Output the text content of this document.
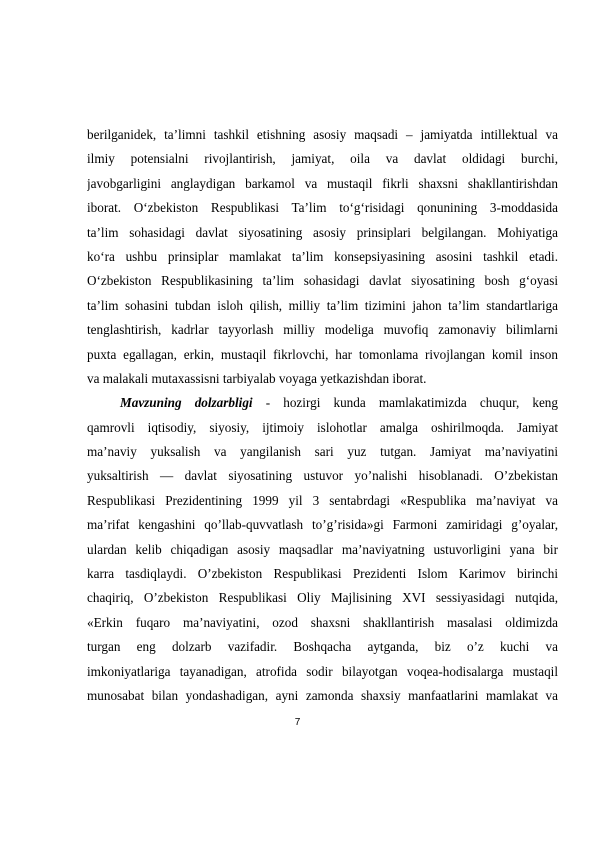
berilganidek, ta’limni tashkil etishning asosiy maqsadi – jamiyatda intillektual va
ilmiy potensialni rivojlantirish, jamiyat, oila va davlat oldidagi burchi,
javobgarligini anglaydigan barkamol va mustaqil fikrli shaxsni shakllantirishdan
iborat. O‘zbekiston Respublikasi Ta’lim to‘g‘risidagi qonunining 3-moddasida
ta’lim sohasidagi davlat siyosatining asosiy prinsiplari belgilangan. Mohiyatiga
ko‘ra ushbu prinsiplar mamlakat ta’lim konsepsiyasining asosini tashkil etadi.
O‘zbekiston Respublikasining ta’lim sohasidagi davlat siyosatining bosh g‘oyasi
ta’lim sohasini tubdan isloh qilish, milliy ta’lim tizimini jahon ta’lim standartlariga
tenglashtirish, kadrlar tayyorlash milliy modeliga muvofiq zamonaviy bilimlarni
puxta egallagan, erkin, mustaqil fikrlovchi, har tomonlama rivojlangan komil inson
va malakali mutaxassisni tarbiyalab voyaga yetkazishdan iborat.
Mavzuning dolzarbligi - hozirgi kunda mamlakatimizda chuqur, keng
qamrovli iqtisodiy, siyosiy, ijtimoiy islohotlar amalga oshirilmoqda. Jamiyat
ma’naviy yuksalish va yangilanish sari yuz tutgan. Jamiyat ma’naviyatini
yuksaltirish — davlat siyosatining ustuvor yo’nalishi hisoblanadi. O’zbekistan
Respublikasi Prezidentining 1999 yil 3 sentabrdagi «Respublika ma’naviyat va
ma’rifat kengashini qo’llab-quvvatlash to’g’risida»gi Farmoni zamiridagi g’oyalar,
ulardan kelib chiqadigan asosiy maqsadlar ma’naviyatning ustuvorligini yana bir
karra tasdiqlaydi. O’zbekiston Respublikasi Prezidenti Islom Karimov birinchi
chaqiriq, O’zbekiston Respublikasi Oliy Majlisining XVI sessiyasidagi nutqida,
«Erkin fuqaro ma’naviyatini, ozod shaxsni shakllantirish masalasi oldimizda
turgan eng dolzarb vazifadir. Boshqacha aytganda, biz o’z kuchi va
imkoniyatlariga tayanadigan, atrofida sodir bilayotgan voqea-hodisalarga mustaqil
munosabat bilan yondashadigan, ayni zamonda shaxsiy manfaatlarini mamlakat va
7
